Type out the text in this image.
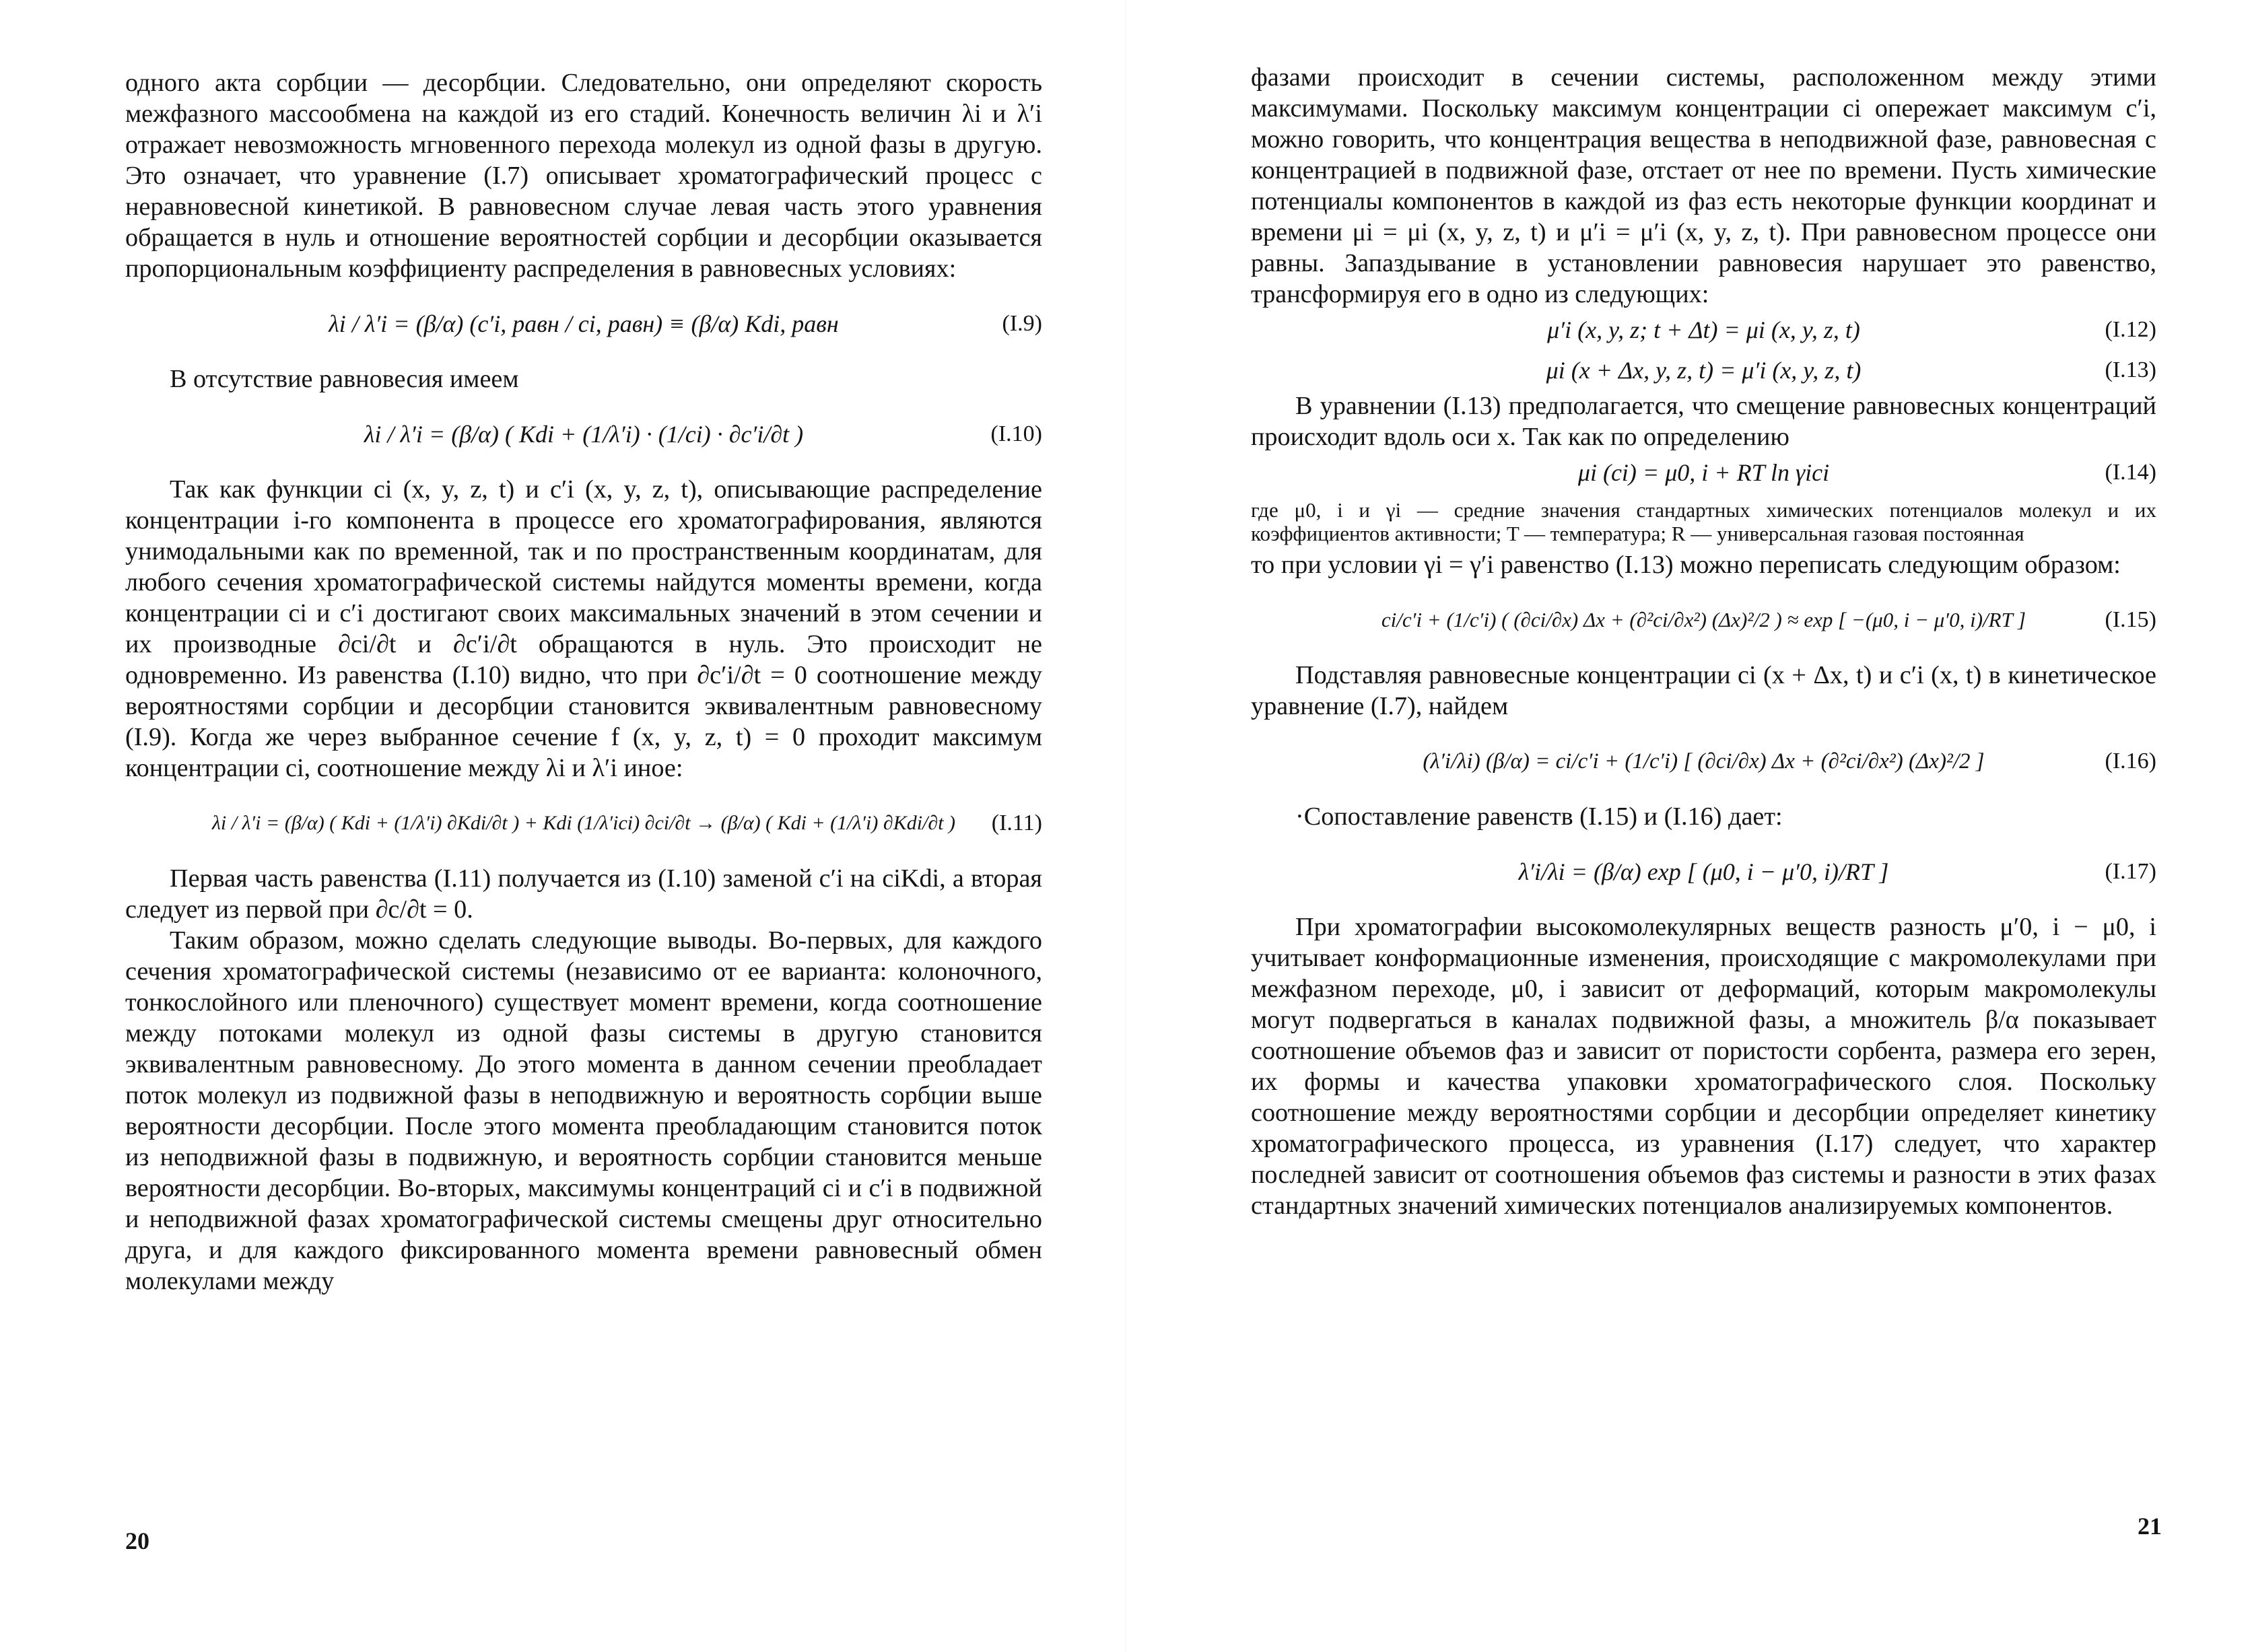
одного акта сорбции — десорбции. Следовательно, они определяют скорость межфазного массообмена на каждой из его стадий. Конечность величин λi и λ′i отражает невозможность мгновенного перехода молекул из одной фазы в другую. Это означает, что уравнение (I.7) описывает хроматографический процесс с неравновесной кинетикой. В равновесном случае левая часть этого уравнения обращается в нуль и отношение вероятностей сорбции и десорбции оказывается пропорциональным коэффициенту распределения в равновесных условиях:

λi / λ′i = (β/α) (c′i, равн / ci, равн) ≡ (β/α) Kdi, равн	(I.9)

В отсутствие равновесия имеем

λi / λ′i = (β/α) ( Kdi + (1/λ′i) · (1/ci) · ∂c′i/∂t )	(I.10)

Так как функции ci (x, y, z, t) и c′i (x, y, z, t), описывающие распределение концентрации i-го компонента в процессе его хроматографирования, являются унимодальными как по временной, так и по пространственным координатам, для любого сечения хроматографической системы найдутся моменты времени, когда концентрации ci и c′i достигают своих максимальных значений в этом сечении и их производные ∂ci/∂t и ∂c′i/∂t обращаются в нуль. Это происходит не одновременно. Из равенства (I.10) видно, что при ∂c′i/∂t = 0 соотношение между вероятностями сорбции и десорбции становится эквивалентным равновесному (I.9). Когда же через выбранное сечение f (x, y, z, t) = 0 проходит максимум концентрации ci, соотношение между λi и λ′i иное:

λi / λ′i = (β/α) ( Kdi + (1/λ′i) ∂Kdi/∂t ) + Kdi (1/λ′ici) ∂ci/∂t → (β/α) ( Kdi + (1/λ′i) ∂Kdi/∂t ) (I.11)

Первая часть равенства (I.11) получается из (I.10) заменой c′i на ciKdi, а вторая следует из первой при ∂c/∂t = 0.

Таким образом, можно сделать следующие выводы. Во-первых, для каждого сечения хроматографической системы (независимо от ее варианта: колоночного, тонкослойного или пленочного) существует момент времени, когда соотношение между потоками молекул из одной фазы системы в другую становится эквивалентным равновесному. До этого момента в данном сечении преобладает поток молекул из подвижной фазы в неподвижную и вероятность сорбции выше вероятности десорбции. После этого момента преобладающим становится поток из неподвижной фазы в подвижную, и вероятность сорбции становится меньше вероятности десорбции. Во-вторых, максимумы концентраций ci и c′i в подвижной и неподвижной фазах хроматографической системы смещены друг относительно друга, и для каждого фиксированного момента времени равновесный обмен молекулами между

20

фазами происходит в сечении системы, расположенном между этими максимумами. Поскольку максимум концентрации ci опережает максимум c′i, можно говорить, что концентрация вещества в неподвижной фазе, равновесная с концентрацией в подвижной фазе, отстает от нее по времени. Пусть химические потенциалы компонентов в каждой из фаз есть некоторые функции координат и времени μi = μi (x, y, z, t) и μ′i = μ′i (x, y, z, t). При равновесном процессе они равны. Запаздывание в установлении равновесия нарушает это равенство, трансформируя его в одно из следующих:

μ′i (x, y, z; t + Δt) = μi (x, y, z, t)	(I.12)
μi (x + Δx, y, z, t) = μ′i (x, y, z, t)	(I.13)

В уравнении (I.13) предполагается, что смещение равновесных концентраций происходит вдоль оси x. Так как по определению

μi (ci) = μ0, i + RT ln γici	(I.14)
где μ0, i и γi — средние значения стандартных химических потенциалов молекул и их коэффициентов активности; T — температура; R — универсальная газовая постоянная

то при условии γi = γ′i равенство (I.13) можно переписать следующим образом:

ci/c′i + (1/c′i) ( (∂ci/∂x) Δx + (∂²ci/∂x²) (Δx)²/2 ) ≈ exp [ −(μ0, i − μ′0, i)/RT ]	(I.15)

Подставляя равновесные концентрации ci (x + Δx, t) и c′i (x, t) в кинетическое уравнение (I.7), найдем

(λ′i/λi) (β/α) = ci/c′i + (1/c′i) [ (∂ci/∂x) Δx + (∂²ci/∂x²) (Δx)²/2 ]	(I.16)

·Сопоставление равенств (I.15) и (I.16) дает:

λ′i/λi = (β/α) exp [ (μ0, i − μ′0, i)/RT ]	(I.17)

При хроматографии высокомолекулярных веществ разность μ′0, i − μ0, i учитывает конформационные изменения, происходящие с макромолекулами при межфазном переходе, μ0, i зависит от деформаций, которым макромолекулы могут подвергаться в каналах подвижной фазы, а множитель β/α показывает соотношение объемов фаз и зависит от пористости сорбента, размера его зерен, их формы и качества упаковки хроматографического слоя. Поскольку соотношение между вероятностями сорбции и десорбции определяет кинетику хроматографического процесса, из уравнения (I.17) следует, что характер последней зависит от соотношения объемов фаз системы и разности в этих фазах стандартных значений химических потенциалов анализируемых компонентов.

21
